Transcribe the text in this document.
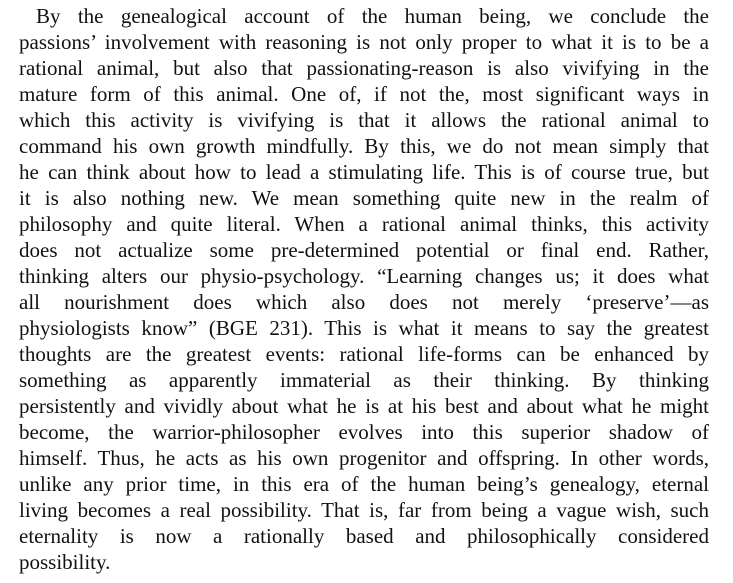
By the genealogical account of the human being, we conclude the
passions’ involvement with reasoning is not only proper to what it is to be a
rational animal, but also that passionating-reason is also vivifying in the
mature form of this animal. One of, if not the, most significant ways in
which this activity is vivifying is that it allows the rational animal to
command his own growth mindfully. By this, we do not mean simply that
he can think about how to lead a stimulating life. This is of course true, but
it is also nothing new. We mean something quite new in the realm of
philosophy and quite literal. When a rational animal thinks, this activity
does not actualize some pre-determined potential or final end. Rather,
thinking alters our physio-psychology. “Learning changes us; it does what
all nourishment does which also does not merely ‘preserve’—as
physiologists know” (BGE 231). This is what it means to say the greatest
thoughts are the greatest events: rational life-forms can be enhanced by
something as apparently immaterial as their thinking. By thinking
persistently and vividly about what he is at his best and about what he might
become, the warrior-philosopher evolves into this superior shadow of
himself. Thus, he acts as his own progenitor and offspring. In other words,
unlike any prior time, in this era of the human being’s genealogy, eternal
living becomes a real possibility. That is, far from being a vague wish, such
eternality is now a rationally based and philosophically considered
possibility.
